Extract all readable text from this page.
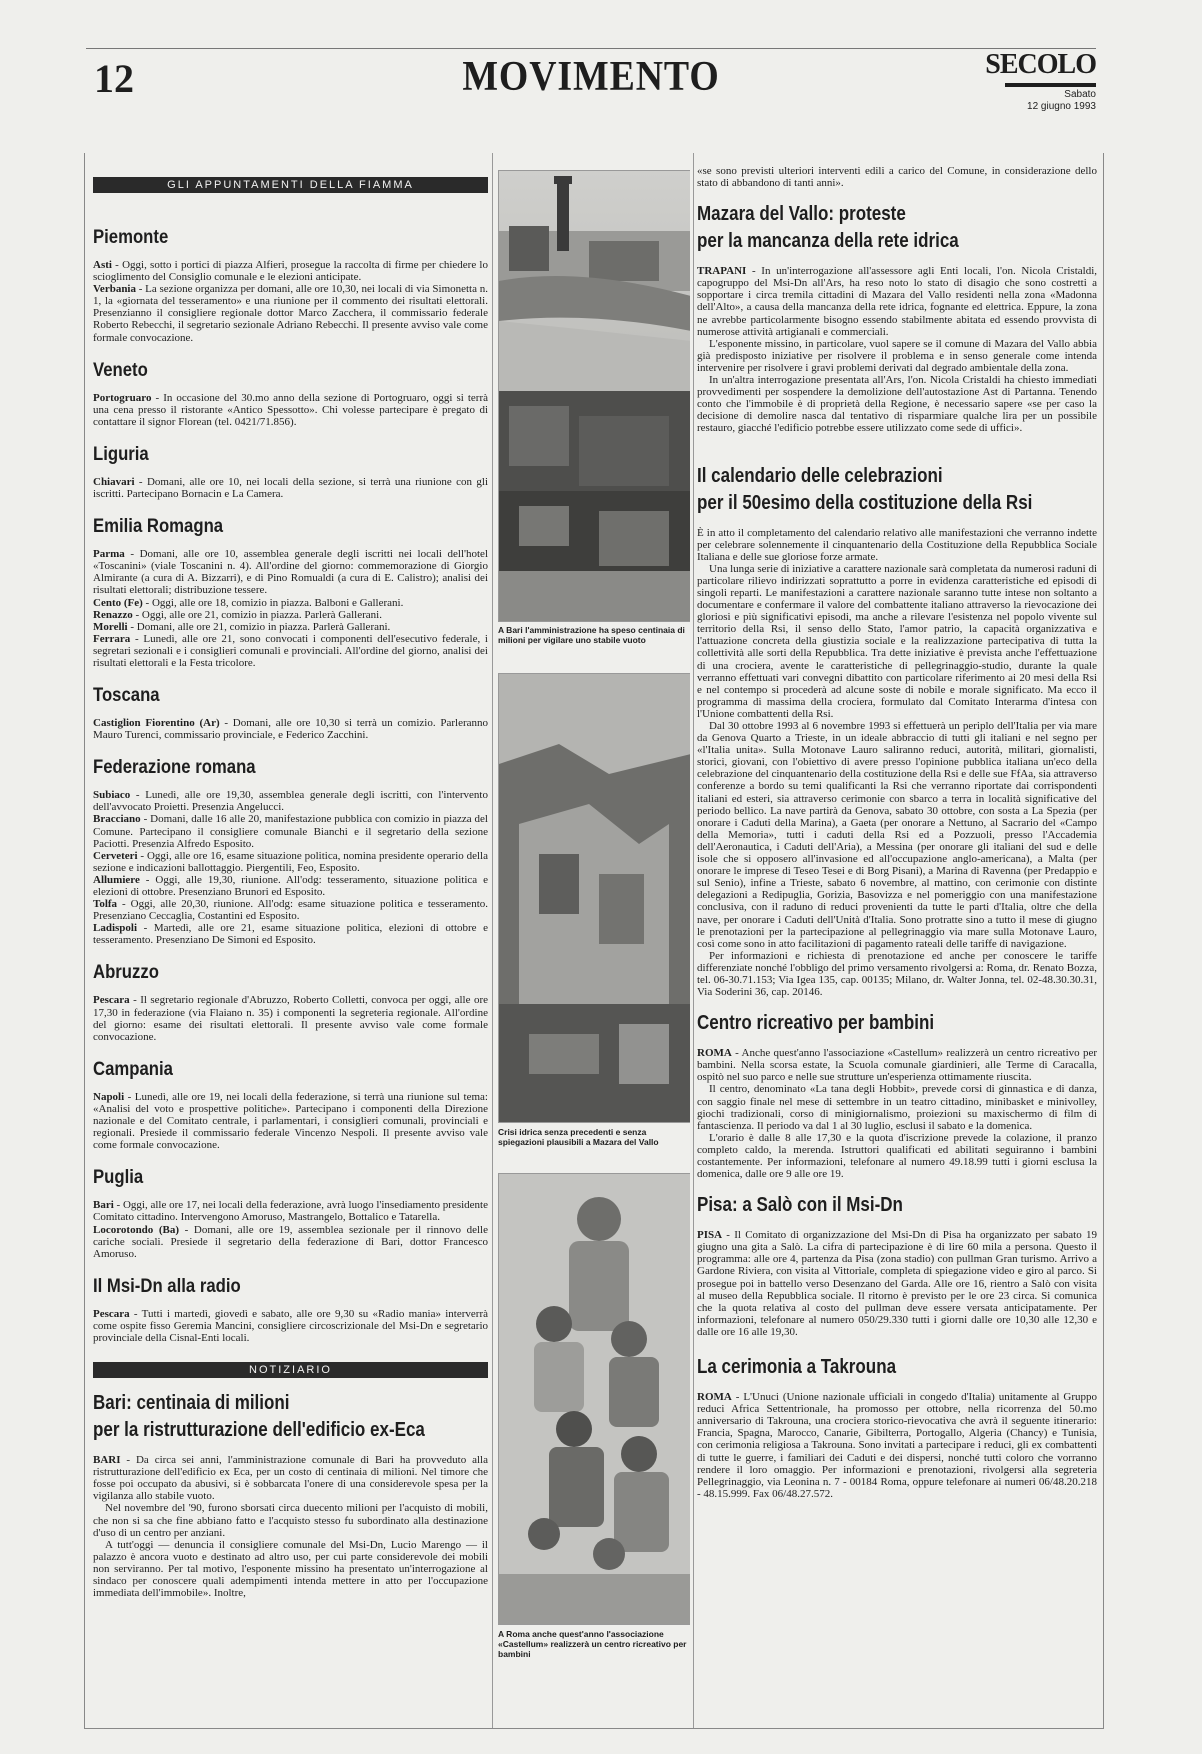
12	MOVIMENTO	SECOLO
Sabato
12 giugno 1993
GLI APPUNTAMENTI DELLA FIAMMA
Piemonte

Asti - Oggi, sotto i portici di piazza Alfieri, prosegue la raccolta di firme per chiedere lo scioglimento del Consiglio comunale e le elezioni anticipate.
Verbania - La sezione organizza per domani, alle ore 10,30, nei locali di via Simonetta n. 1, la «giornata del tesseramento» e una riunione per il commento dei risultati elettorali. Presenzianno il consigliere regionale dottor Marco Zacchera, il commissario federale Roberto Rebecchi, il segretario sezionale Adriano Rebecchi. Il presente avviso vale come formale convocazione.

Veneto

Portogruaro - In occasione del 30.mo anno della sezione di Portogruaro, oggi si terrà una cena presso il ristorante «Antico Spessotto». Chi volesse partecipare è pregato di contattare il signor Florean (tel. 0421/71.856).

Liguria

Chiavari - Domani, alle ore 10, nei locali della sezione, si terrà una riunione con gli iscritti. Partecipano Bornacin e La Camera.

Emilia Romagna

Parma - Domani, alle ore 10, assemblea generale degli iscritti nei locali dell'hotel «Toscanini» (viale Toscanini n. 4). All'ordine del giorno: commemorazione di Giorgio Almirante (a cura di A. Bizzarri), e di Pino Romualdi (a cura di E. Calistro); analisi dei risultati elettorali; distribuzione tessere.
Cento (Fe) - Oggi, alle ore 18, comizio in piazza. Balboni e Gallerani.
Renazzo - Oggi, alle ore 21, comizio in piazza. Parlerà Gallerani.
Morelli - Domani, alle ore 21, comizio in piazza. Parlerà Gallerani.
Ferrara - Lunedì, alle ore 21, sono convocati i componenti dell'esecutivo federale, i segretari sezionali e i consiglieri comunali e provinciali. All'ordine del giorno, analisi dei risultati elettorali e la Festa tricolore.

Toscana

Castiglion Fiorentino (Ar) - Domani, alle ore 10,30 si terrà un comizio. Parleranno Mauro Turenci, commissario provinciale, e Federico Zacchini.

Federazione romana

Subiaco - Lunedì, alle ore 19,30, assemblea generale degli iscritti, con l'intervento dell'avvocato Proietti. Presenzia Angelucci.
Bracciano - Domani, dalle 16 alle 20, manifestazione pubblica con comizio in piazza del Comune. Partecipano il consigliere comunale Bianchi e il segretario della sezione Paciotti. Presenzia Alfredo Esposito.
Cerveteri - Oggi, alle ore 16, esame situazione politica, nomina presidente operario della sezione e indicazioni ballottaggio. Piergentili, Feo, Esposito.
Allumiere - Oggi, alle 19,30, riunione. All'odg: tesseramento, situazione politica e elezioni di ottobre. Presenziano Brunori ed Esposito.
Tolfa - Oggi, alle 20,30, riunione. All'odg: esame situazione politica e tesseramento. Presenziano Ceccaglia, Costantini ed Esposito.
Ladispoli - Martedì, alle ore 21, esame situazione politica, elezioni di ottobre e tesseramento. Presenziano De Simoni ed Esposito.

Abruzzo

Pescara - Il segretario regionale d'Abruzzo, Roberto Colletti, convoca per oggi, alle ore 17,30 in federazione (via Flaiano n. 35) i componenti la segreteria regionale. All'ordine del giorno: esame dei risultati elettorali. Il presente avviso vale come formale convocazione.

Campania

Napoli - Lunedì, alle ore 19, nei locali della federazione, si terrà una riunione sul tema: «Analisi del voto e prospettive politiche». Partecipano i componenti della Direzione nazionale e del Comitato centrale, i parlamentari, i consiglieri comunali, provinciali e regionali. Presiede il commissario federale Vincenzo Nespoli. Il presente avviso vale come formale convocazione.

Puglia

Bari - Oggi, alle ore 17, nei locali della federazione, avrà luogo l'insediamento presidente Comitato cittadino. Intervengono Amoruso, Mastrangelo, Bottalico e Tatarella.
Locorotondo (Ba) - Domani, alle ore 19, assemblea sezionale per il rinnovo delle cariche sociali. Presiede il segretario della federazione di Bari, dottor Francesco Amoruso.

Il Msi-Dn alla radio

Pescara - Tutti i martedì, giovedì e sabato, alle ore 9,30 su «Radio mania» interverrà come ospite fisso Geremia Mancini, consigliere circoscrizionale del Msi-Dn e segretario provinciale della Cisnal-Enti locali.

NOTIZIARIO
Bari: centinaia di milioni
per la ristrutturazione dell'edificio ex-Eca

BARI - Da circa sei anni, l'amministrazione comunale di Bari ha provveduto alla ristrutturazione dell'edificio ex Eca, per un costo di centinaia di milioni. Nel timore che fosse poi occupato da abusivi, si è sobbarcata l'onere di una considerevole spesa per la vigilanza allo stabile vuoto.

Nel novembre del '90, furono sborsati circa duecento milioni per l'acquisto di mobili, che non si sa che fine abbiano fatto e l'acquisto stesso fu subordinato alla destinazione d'uso di un centro per anziani.

A tutt'oggi — denuncia il consigliere comunale del Msi-Dn, Lucio Marengo — il palazzo è ancora vuoto e destinato ad altro uso, per cui parte considerevole dei mobili non serviranno. Per tal motivo, l'esponente missino ha presentato un'interrogazione al sindaco per conoscere quali adempimenti intenda mettere in atto per l'occupazione immediata dell'immobile». Inoltre,

A Bari l'amministrazione ha speso centinaia di milioni per vigilare uno stabile vuoto
Crisi idrica senza precedenti e senza spiegazioni plausibili a Mazara del Vallo
A Roma anche quest'anno l'associazione «Castellum» realizzerà un centro ricreativo per bambini

«se sono previsti ulteriori interventi edili a carico del Comune, in considerazione dello stato di abbandono di tanti anni».

Mazara del Vallo: proteste
per la mancanza della rete idrica

TRAPANI - In un'interrogazione all'assessore agli Enti locali, l'on. Nicola Cristaldi, capogruppo del Msi-Dn all'Ars, ha reso noto lo stato di disagio che sono costretti a sopportare i circa tremila cittadini di Mazara del Vallo residenti nella zona «Madonna dell'Alto», a causa della mancanza della rete idrica, fognante ed elettrica. Eppure, la zona ne avrebbe particolarmente bisogno essendo stabilmente abitata ed essendo provvista di numerose attività artigianali e commerciali.

L'esponente missino, in particolare, vuol sapere se il comune di Mazara del Vallo abbia già predisposto iniziative per risolvere il problema e in senso generale come intenda intervenire per risolvere i gravi problemi derivati dal degrado ambientale della zona.

In un'altra interrogazione presentata all'Ars, l'on. Nicola Cristaldi ha chiesto immediati provvedimenti per sospendere la demolizione dell'autostazione Ast di Partanna. Tenendo conto che l'immobile è di proprietà della Regione, è necessario sapere «se per caso la decisione di demolire nasca dal tentativo di risparmiare qualche lira per un possibile restauro, giacché l'edificio potrebbe essere utilizzato come sede di uffici».

Il calendario delle celebrazioni
per il 50esimo della costituzione della Rsi

È in atto il completamento del calendario relativo alle manifestazioni che verranno indette per celebrare solennemente il cinquantenario della Costituzione della Repubblica Sociale Italiana e delle sue gloriose forze armate.

Una lunga serie di iniziative a carattere nazionale sarà completata da numerosi raduni di particolare rilievo indirizzati soprattutto a porre in evidenza caratteristiche ed episodi di singoli reparti. Le manifestazioni a carattere nazionale saranno tutte intese non soltanto a documentare e confermare il valore del combattente italiano attraverso la rievocazione dei gloriosi e più significativi episodi, ma anche a rilevare l'esistenza nel popolo vivente sul territorio della Rsi, il senso dello Stato, l'amor patrio, la capacità organizzativa e l'attuazione concreta della giustizia sociale e la realizzazione partecipativa di tutta la collettività alle sorti della Repubblica. Tra dette iniziative è prevista anche l'effettuazione di una crociera, avente le caratteristiche di pellegrinaggio-studio, durante la quale verranno effettuati vari convegni dibattito con particolare riferimento ai 20 mesi della Rsi e nel contempo si procederà ad alcune soste di nobile e morale significato. Ma ecco il programma di massima della crociera, formulato dal Comitato Interarma d'intesa con l'Unione combattenti della Rsi.

Dal 30 ottobre 1993 al 6 novembre 1993 si effettuerà un periplo dell'Italia per via mare da Genova Quarto a Trieste, in un ideale abbraccio di tutti gli italiani e nel segno per «l'Italia unita». Sulla Motonave Lauro saliranno reduci, autorità, militari, giornalisti, storici, giovani, con l'obiettivo di avere presso l'opinione pubblica italiana un'eco della celebrazione del cinquantenario della costituzione della Rsi e delle sue FfAa, sia attraverso conferenze a bordo su temi qualificanti la Rsi che verranno riportate dai corrispondenti italiani ed esteri, sia attraverso cerimonie con sbarco a terra in località significative del periodo bellico. La nave partirà da Genova, sabato 30 ottobre, con sosta a La Spezia (per onorare i Caduti della Marina), a Gaeta (per onorare a Nettuno, al Sacrario del «Campo della Memoria», tutti i caduti della Rsi ed a Pozzuoli, presso l'Accademia dell'Aeronautica, i Caduti dell'Aria), a Messina (per onorare gli italiani del sud e delle isole che si opposero all'invasione ed all'occupazione anglo-americana), a Malta (per onorare le imprese di Teseo Tesei e di Borg Pisani), a Marina di Ravenna (per Predappio e sul Senio), infine a Trieste, sabato 6 novembre, al mattino, con cerimonie con distinte delegazioni a Redipuglia, Gorizia, Basovizza e nel pomeriggio con una manifestazione conclusiva, con il raduno di reduci provenienti da tutte le parti d'Italia, oltre che della nave, per onorare i Caduti dell'Unità d'Italia. Sono protratte sino a tutto il mese di giugno le prenotazioni per la partecipazione al pellegrinaggio via mare sulla Motonave Lauro, così come sono in atto facilitazioni di pagamento rateali delle tariffe di navigazione.

Per informazioni e richiesta di prenotazione ed anche per conoscere le tariffe differenziate nonché l'obbligo del primo versamento rivolgersi a: Roma, dr. Renato Bozza, tel. 06-30.71.153; Via Igea 135, cap. 00135; Milano, dr. Walter Jonna, tel. 02-48.30.30.31, Via Soderini 36, cap. 20146.

Centro ricreativo per bambini

ROMA - Anche quest'anno l'associazione «Castellum» realizzerà un centro ricreativo per bambini. Nella scorsa estate, la Scuola comunale giardinieri, alle Terme di Caracalla, ospitò nel suo parco e nelle sue strutture un'esperienza ottimamente riuscita.

Il centro, denominato «La tana degli Hobbit», prevede corsi di ginnastica e di danza, con saggio finale nel mese di settembre in un teatro cittadino, minibasket e minivolley, giochi tradizionali, corso di minigiornalismo, proiezioni su maxischermo di film di fantascienza. Il periodo va dal 1 al 30 luglio, esclusi il sabato e la domenica.

L'orario è dalle 8 alle 17,30 e la quota d'iscrizione prevede la colazione, il pranzo completo caldo, la merenda. Istruttori qualificati ed abilitati seguiranno i bambini costantemente. Per informazioni, telefonare al numero 49.18.99 tutti i giorni esclusa la domenica, dalle ore 9 alle ore 19.

Pisa: a Salò con il Msi-Dn

PISA - Il Comitato di organizzazione del Msi-Dn di Pisa ha organizzato per sabato 19 giugno una gita a Salò. La cifra di partecipazione è di lire 60 mila a persona. Questo il programma: alle ore 4, partenza da Pisa (zona stadio) con pullman Gran turismo. Arrivo a Gardone Riviera, con visita al Vittoriale, completa di spiegazione video e giro al parco. Si prosegue poi in battello verso Desenzano del Garda. Alle ore 16, rientro a Salò con visita al museo della Repubblica sociale. Il ritorno è previsto per le ore 23 circa. Si comunica che la quota relativa al costo del pullman deve essere versata anticipatamente. Per informazioni, telefonare al numero 050/29.330 tutti i giorni dalle ore 10,30 alle 12,30 e dalle ore 16 alle 19,30.

La cerimonia a Takrouna

ROMA - L'Unuci (Unione nazionale ufficiali in congedo d'Italia) unitamente al Gruppo reduci Africa Settentrionale, ha promosso per ottobre, nella ricorrenza del 50.mo anniversario di Takrouna, una crociera storico-rievocativa che avrà il seguente itinerario: Francia, Spagna, Marocco, Canarie, Gibilterra, Portogallo, Algeria (Chancy) e Tunisia, con cerimonia religiosa a Takrouna. Sono invitati a partecipare i reduci, gli ex combattenti di tutte le guerre, i familiari dei Caduti e dei dispersi, nonché tutti coloro che vorranno rendere il loro omaggio. Per informazioni e prenotazioni, rivolgersi alla segreteria Pellegrinaggio, via Leonina n. 7 - 00184 Roma, oppure telefonare ai numeri 06/48.20.218 - 48.15.999. Fax 06/48.27.572.
